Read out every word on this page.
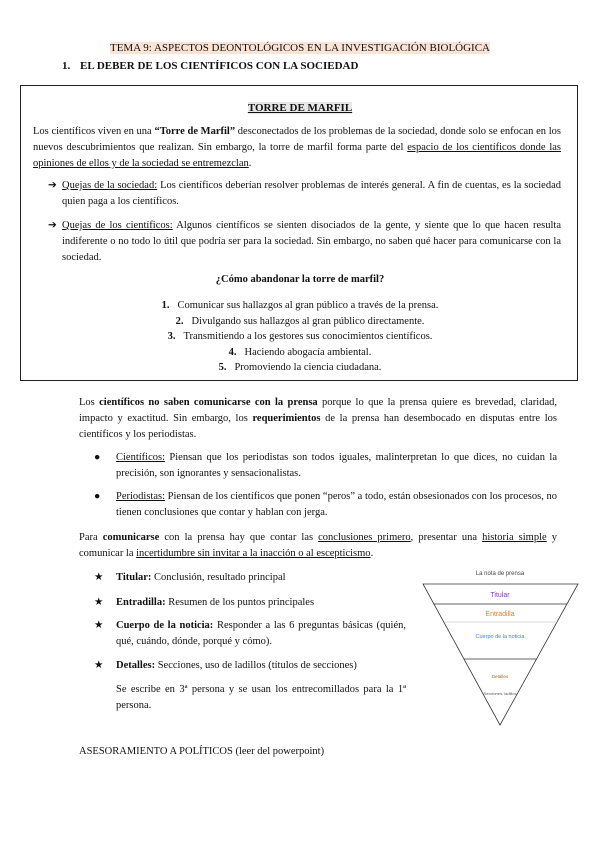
TEMA 9: ASPECTOS DEONTOLÓGICOS EN LA INVESTIGACIÓN BIOLÓGICA
1. EL DEBER DE LOS CIENTÍFICOS CON LA SOCIEDAD
TORRE DE MARFIL
Los científicos viven en una “Torre de Marfil” desconectados de los problemas de la sociedad, donde solo se enfocan en los nuevos descubrimientos que realizan. Sin embargo, la torre de marfil forma parte del espacio de los científicos donde las opiniones de ellos y de la sociedad se entremezclan.
➔ Quejas de la sociedad: Los científicos deberían resolver problemas de interés general. A fin de cuentas, es la sociedad quien paga a los científicos.
➔ Quejas de los científicos: Algunos científicos se sienten disociados de la gente, y siente que lo que hacen resulta indiferente o no todo lo útil que podría ser para la sociedad. Sin embargo, no saben qué hacer para comunicarse con la sociedad.
¿Cómo abandonar la torre de marfil?
1. Comunicar sus hallazgos al gran público a través de la prensa.
2. Divulgando sus hallazgos al gran público directamente.
3. Transmitiendo a los gestores sus conocimientos científicos.
4. Haciendo abogacía ambiental.
5. Promoviendo la ciencia ciudadana.
Los científicos no saben comunicarse con la prensa porque lo que la prensa quiere es brevedad, claridad, impacto y exactitud. Sin embargo, los requerimientos de la prensa han desembocado en disputas entre los científicos y los periodistas.
● Científicos: Piensan que los periodistas son todos iguales, malinterpretan lo que dices, no cuidan la precisión, son ignorantes y sensacionalistas.
● Periodistas: Piensan de los científicos que ponen “peros” a todo, están obsesionados con los procesos, no tienen conclusiones que contar y hablan con jerga.
Para comunicarse con la prensa hay que contar las conclusiones primero, presentar una historia simple y comunicar la incertidumbre sin invitar a la inacción o al escepticismo.
★ Titular: Conclusión, resultado principal
★ Entradilla: Resumen de los puntos principales
★ Cuerpo de la noticia: Responder a las 6 preguntas básicas (quién, qué, cuándo, dónde, porqué y cómo).
★ Detalles: Secciones, uso de ladillos (títulos de secciones)
Se escribe en 3ª persona y se usan los entrecomillados para la 1ª persona.
La nota de prensa
Titular
Entradilla
Cuerpo de la noticia
Detalles
Secciones, ladillos
ASESORAMIENTO A POLÍTICOS (leer del powerpoint)
